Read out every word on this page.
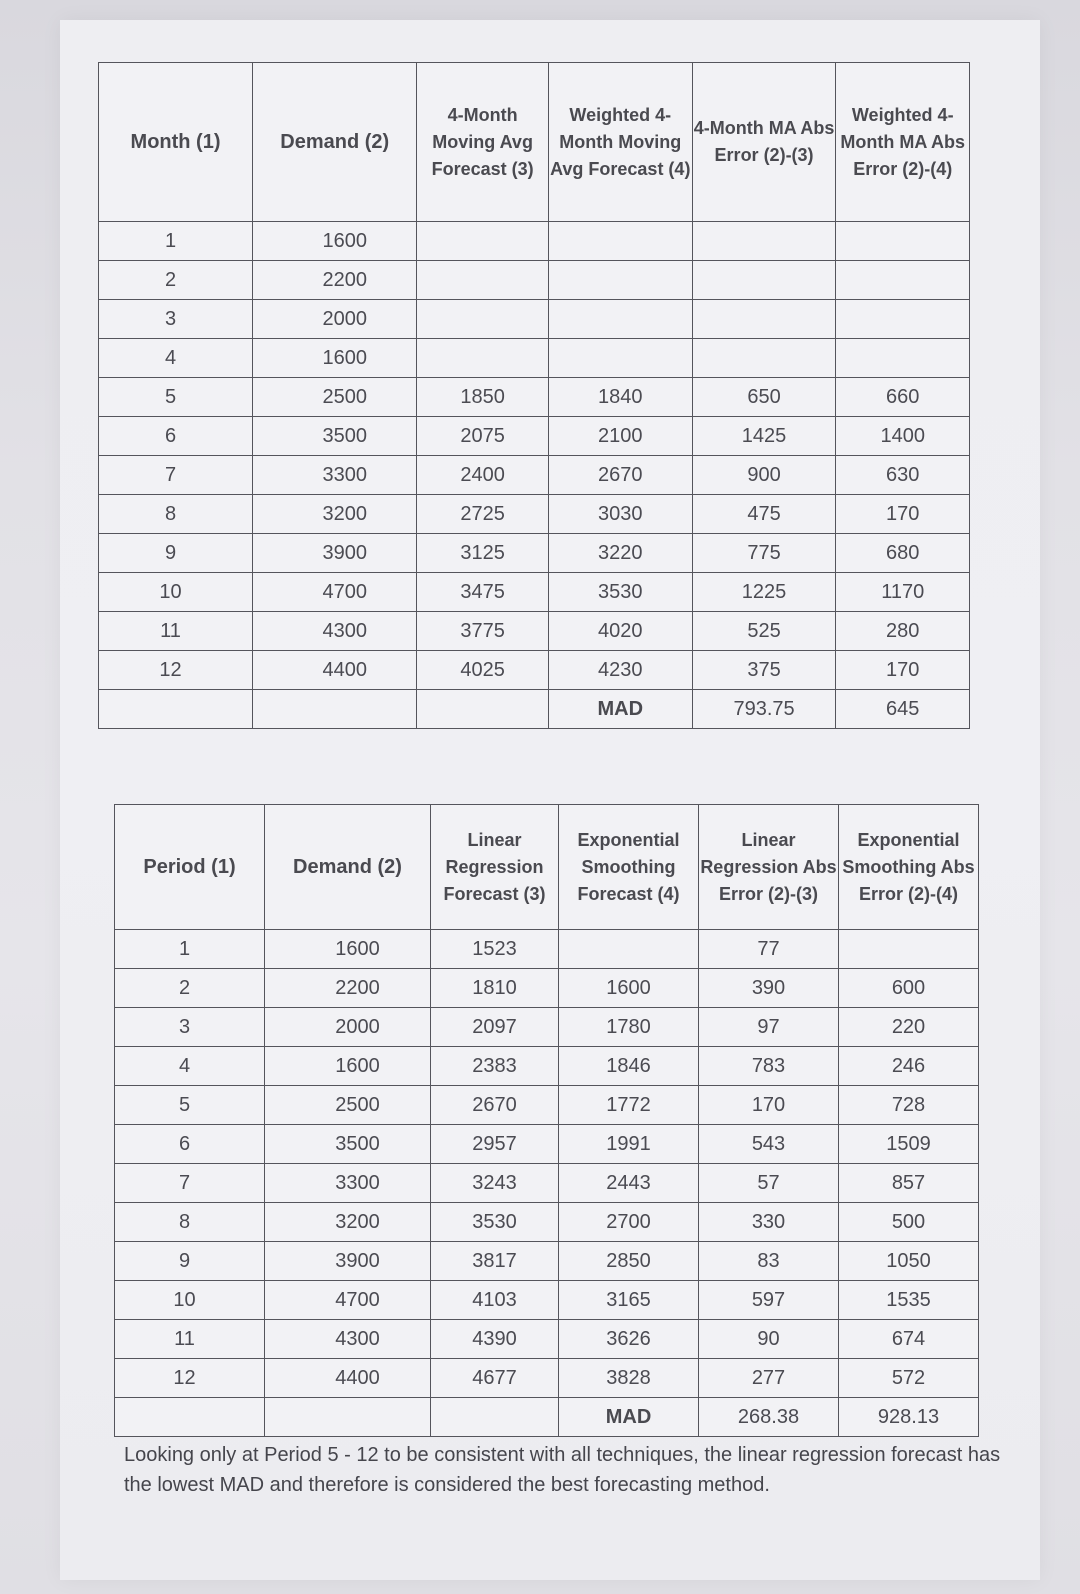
Month (1)	Demand (2)	4-Month Moving Avg Forecast (3)	Weighted 4-Month Moving Avg Forecast (4)	4-Month MA Abs Error (2)-(3)	Weighted 4-Month MA Abs Error (2)-(4)
1	1600				
2	2200				
3	2000				
4	1600				
5	2500	1850	1840	650	660
6	3500	2075	2100	1425	1400
7	3300	2400	2670	900	630
8	3200	2725	3030	475	170
9	3900	3125	3220	775	680
10	4700	3475	3530	1225	1170
11	4300	3775	4020	525	280
12	4400	4025	4230	375	170
			MAD	793.75	645
Period (1)	Demand (2)	Linear Regression Forecast (3)	Exponential Smoothing Forecast (4)	Linear Regression Abs Error (2)-(3)	Exponential Smoothing Abs Error (2)-(4)
1	1600	1523		77	
2	2200	1810	1600	390	600
3	2000	2097	1780	97	220
4	1600	2383	1846	783	246
5	2500	2670	1772	170	728
6	3500	2957	1991	543	1509
7	3300	3243	2443	57	857
8	3200	3530	2700	330	500
9	3900	3817	2850	83	1050
10	4700	4103	3165	597	1535
11	4300	4390	3626	90	674
12	4400	4677	3828	277	572
			MAD	268.38	928.13
Looking only at Period 5 - 12 to be consistent with all techniques, the linear regression forecast has the lowest MAD and therefore is considered the best forecasting method.
